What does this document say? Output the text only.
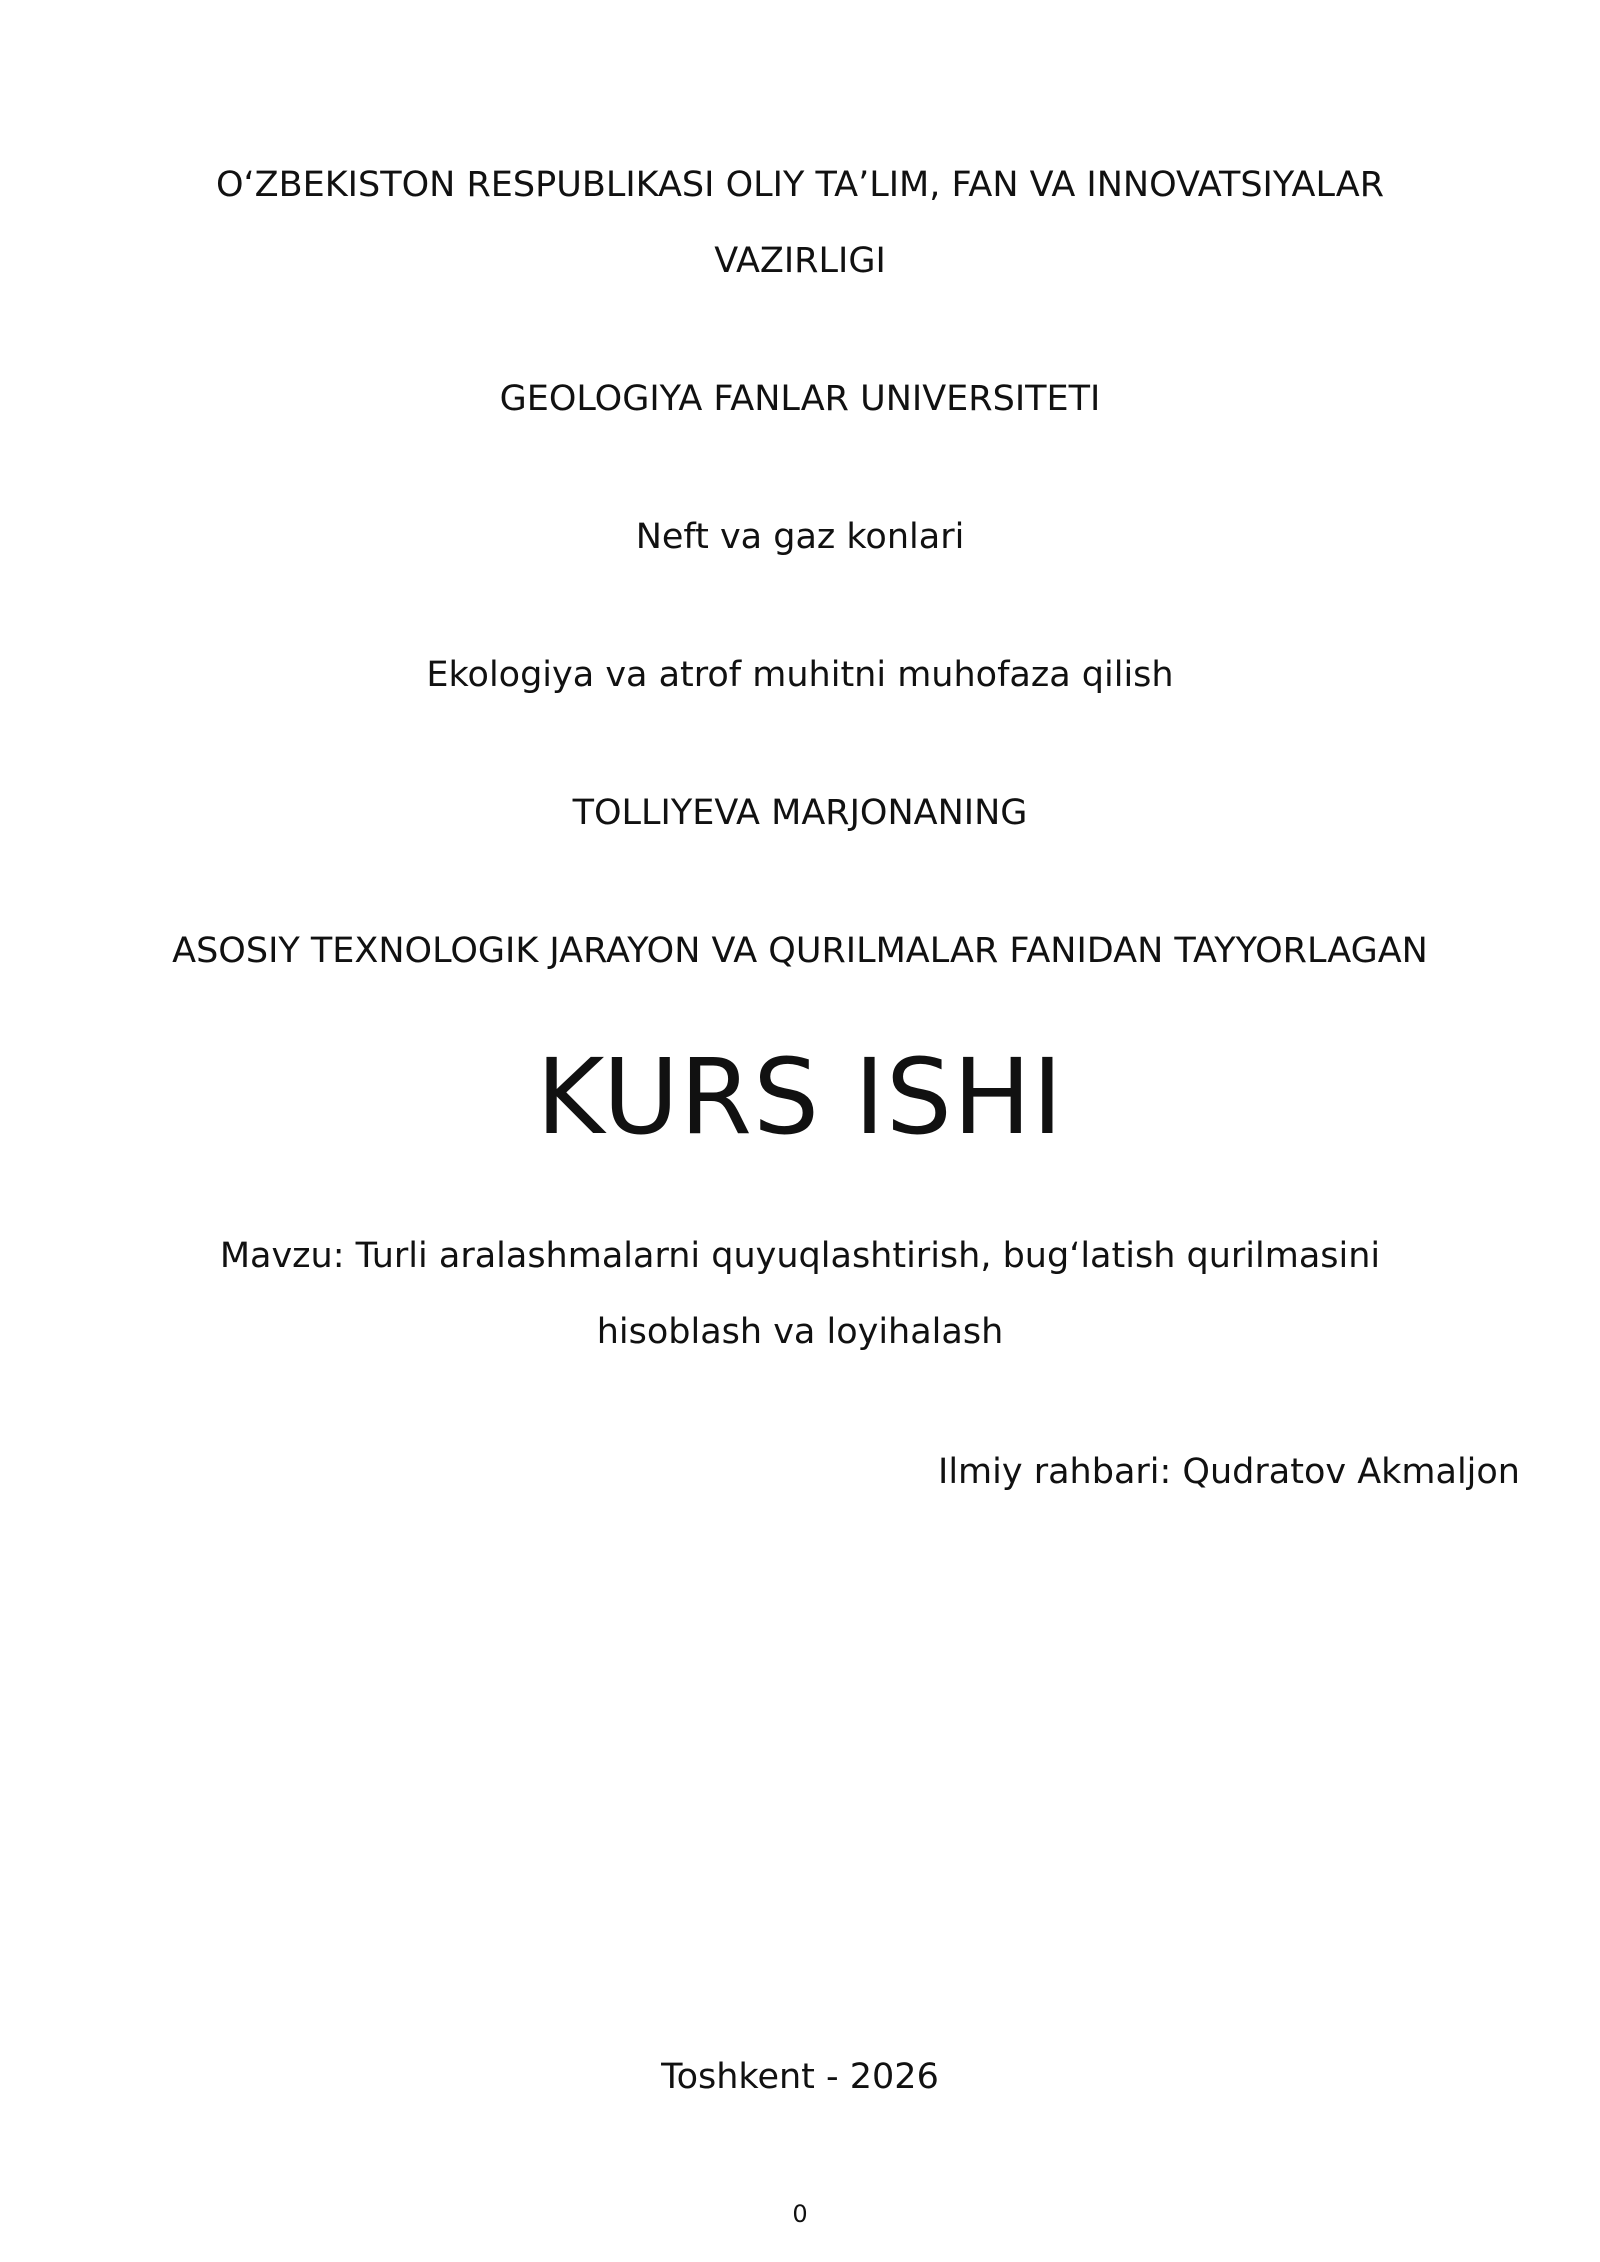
O‘ZBEKISTON RESPUBLIKASI OLIY TA’LIM, FAN VA INNOVATSIYALAR
VAZIRLIGI
GEOLOGIYA FANLAR UNIVERSITETI
Neft va gaz konlari
Ekologiya va atrof muhitni muhofaza qilish
TOLLIYEVA MARJONANING
ASOSIY TEXNOLOGIK JARAYON VA QURILMALAR FANIDAN TAYYORLAGAN
KURS ISHI
Mavzu: Turli aralashmalarni quyuqlashtirish, bug‘latish qurilmasini
hisoblash va loyihalash
Ilmiy rahbari: Qudratov Akmaljon
Toshkent - 2026
0
